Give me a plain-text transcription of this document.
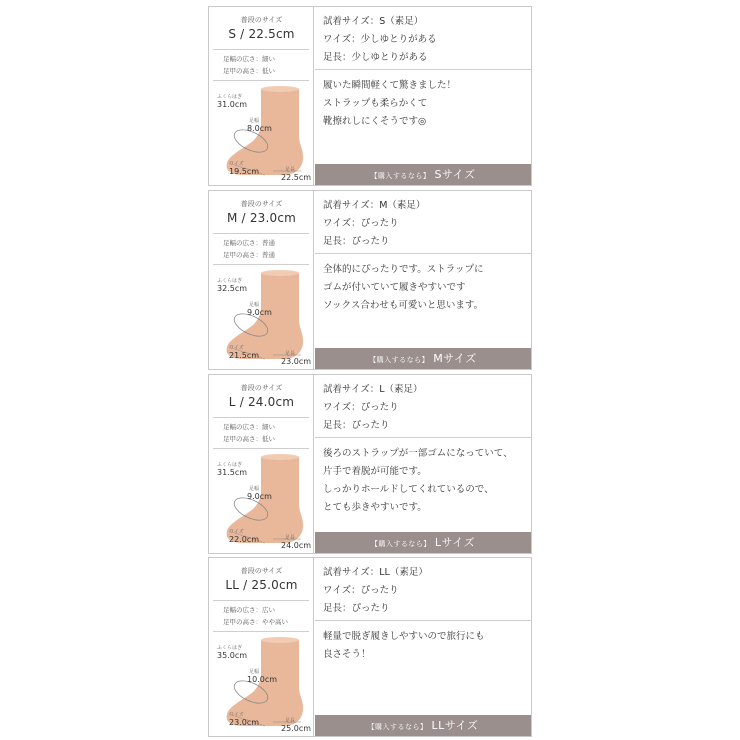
普段のサイズ
S / 22.5cm
足幅の広さ：細い
足甲の高さ：低い
ふくらはぎ
31.0cm
足幅
8.0cm
ワイズ
19.5cm	足長
22.5cm
試着サイズ：S（素足）
ワイズ：少しゆとりがある
足長：少しゆとりがある
履いた瞬間軽くて驚きました！
ストラップも柔らかくて
靴擦れしにくそうです◎
【購入するなら】 Sサイズ
普段のサイズ
M / 23.0cm
足幅の広さ：普通
足甲の高さ：普通
ふくらはぎ
32.5cm
足幅
9.0cm
ワイズ
21.5cm	足長
23.0cm
試着サイズ：M（素足）
ワイズ：ぴったり
足長：ぴったり
全体的にぴったりです。ストラップに
ゴムが付いていて履きやすいです
ソックス合わせも可愛いと思います。
【購入するなら】 Mサイズ
普段のサイズ
L / 24.0cm
足幅の広さ：細い
足甲の高さ：低い
ふくらはぎ
31.5cm
足幅
9.0cm
ワイズ
22.0cm	足長
24.0cm
試着サイズ：L（素足）
ワイズ：ぴったり
足長：ぴったり
後ろのストラップが一部ゴムになっていて、
片手で着脱が可能です。
しっかりホールドしてくれているので、
とても歩きやすいです。
【購入するなら】 Lサイズ
普段のサイズ
LL / 25.0cm
足幅の広さ：広い
足甲の高さ：やや高い
ふくらはぎ
35.0cm
足幅
10.0cm
ワイズ
23.0cm	足長
25.0cm
試着サイズ：LL（素足）
ワイズ：ぴったり
足長：ぴったり
軽量で脱ぎ履きしやすいので旅行にも
良さそう！
【購入するなら】 LLサイズ
